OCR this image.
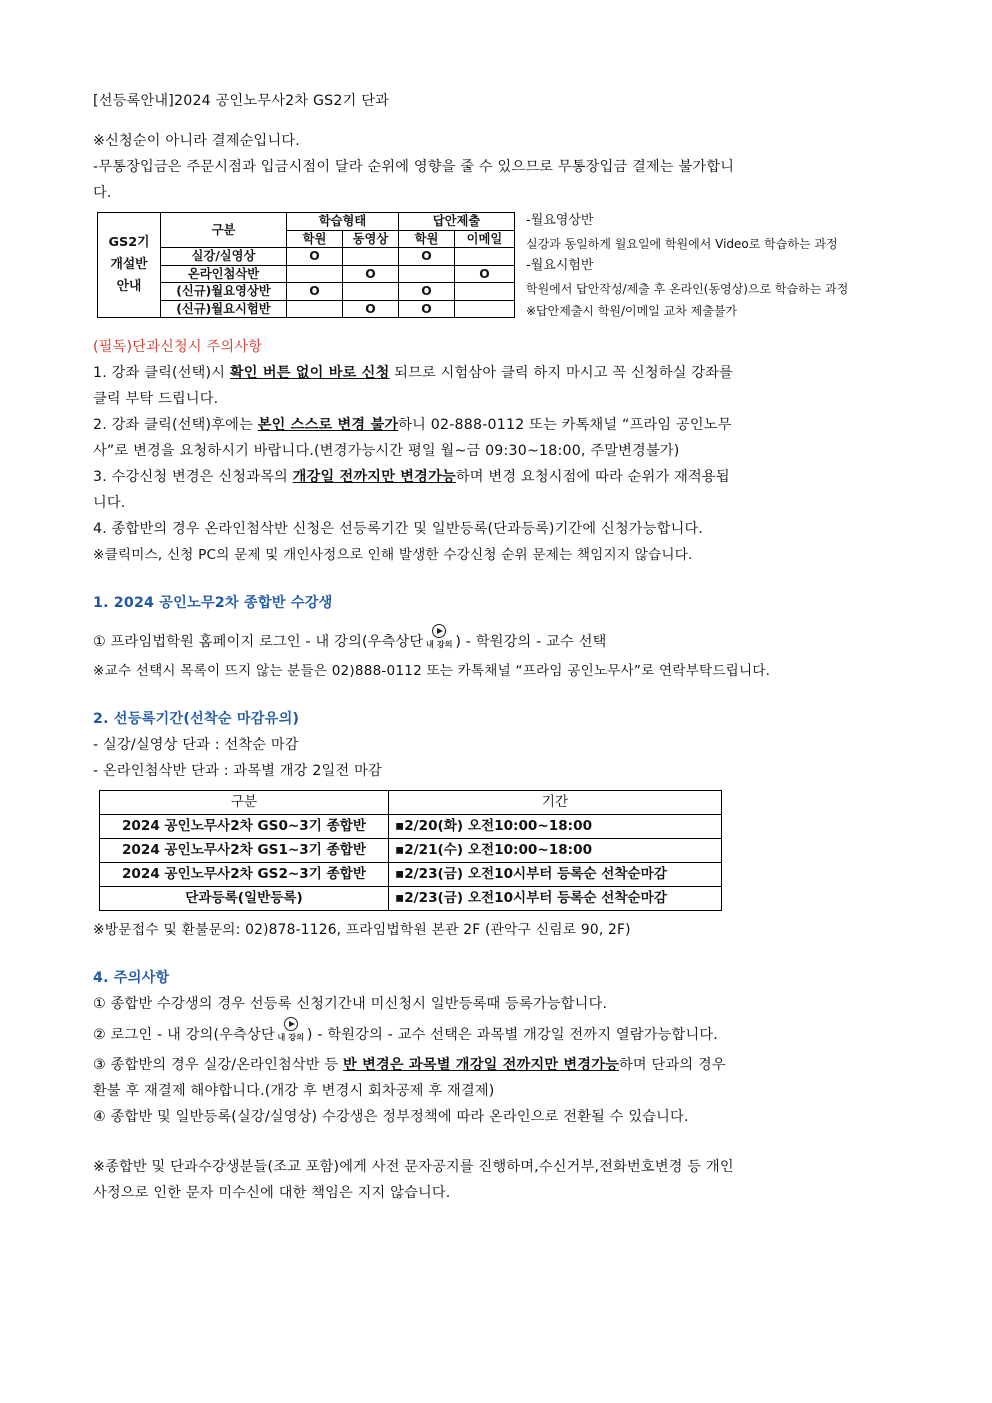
[선등록안내]2024 공인노무사2차 GS2기 단과

※신청순이 아니라 결제순입니다.

-무통장입금은 주문시점과 입금시점이 달라 순위에 영향을 줄 수 있으므로 무통장입금 결제는 불가합니

다.

GS2기
개설반
안내	구분	학습형태		답안제출	
		학원	동영상	학원	이메일
	실강/실영상	O		O	
	온라인첨삭반		O		O
	(신규)월요영상반	O		O	
	(신규)월요시험반		O	O	

-월요영상반

실강과 동일하게 월요일에 학원에서 Video로 학습하는 과정

-월요시험반

학원에서 답안작성/제출 후 온라인(동영상)으로 학습하는 과정

※답안제출시 학원/이메일 교차 제출불가

(필독)단과신청시 주의사항

1. 강좌 클릭(선택)시 확인 버튼 없이 바로 신청 되므로 시험삼아 클릭 하지 마시고 꼭 신청하실 강좌를

클릭 부탁 드립니다.

2. 강좌 클릭(선택)후에는 본인 스스로 변경 불가하니 02-888-0112 또는 카톡채널 “프라임 공인노무

사”로 변경을 요청하시기 바랍니다.(변경가능시간 평일 월~금 09:30~18:00, 주말변경불가)

3. 수강신청 변경은 신청과목의 개강일 전까지만 변경가능하며 변경 요청시점에 따라 순위가 재적용됩

니다.

4. 종합반의 경우 온라인첨삭반 신청은 선등록기간 및 일반등록(단과등록)기간에 신청가능합니다.

※클릭미스, 신청 PC의 문제 및 개인사정으로 인해 발생한 수강신청 순위 문제는 책임지지 않습니다.

1. 2024 공인노무2차 종합반 수강생

① 프라임법학원 홈페이지 로그인 - 내 강의(우측상단 내 강의 ) - 학원강의 - 교수 선택

※교수 선택시 목록이 뜨지 않는 분들은 02)888-0112 또는 카톡채널 “프라임 공인노무사”로 연락부탁드립니다.

2. 선등록기간(선착순 마감유의)

- 실강/실영상 단과 : 선착순 마감

- 온라인첨삭반 단과 : 과목별 개강 2일전 마감

구분	기간
2024 공인노무사2차 GS0~3기 종합반	▪2/20(화) 오전10:00~18:00
2024 공인노무사2차 GS1~3기 종합반	▪2/21(수) 오전10:00~18:00
2024 공인노무사2차 GS2~3기 종합반	▪2/23(금) 오전10시부터 등록순 선착순마감
단과등록(일반등록)	▪2/23(금) 오전10시부터 등록순 선착순마감

※방문접수 및 환불문의: 02)878-1126, 프라임법학원 본관 2F (관악구 신림로 90, 2F)

4. 주의사항

① 종합반 수강생의 경우 선등록 신청기간내 미신청시 일반등록때 등록가능합니다.

② 로그인 - 내 강의(우측상단 내 강의 ) - 학원강의 - 교수 선택은 과목별 개강일 전까지 열람가능합니다.

③ 종합반의 경우 실강/온라인첨삭반 등 반 변경은 과목별 개강일 전까지만 변경가능하며 단과의 경우

환불 후 재결제 해야합니다.(개강 후 변경시 회차공제 후 재결제)

④ 종합반 및 일반등록(실강/실영상) 수강생은 정부정책에 따라 온라인으로 전환될 수 있습니다.

※종합반 및 단과수강생분들(조교 포함)에게 사전 문자공지를 진행하며,수신거부,전화번호변경 등 개인

사정으로 인한 문자 미수신에 대한 책임은 지지 않습니다.
